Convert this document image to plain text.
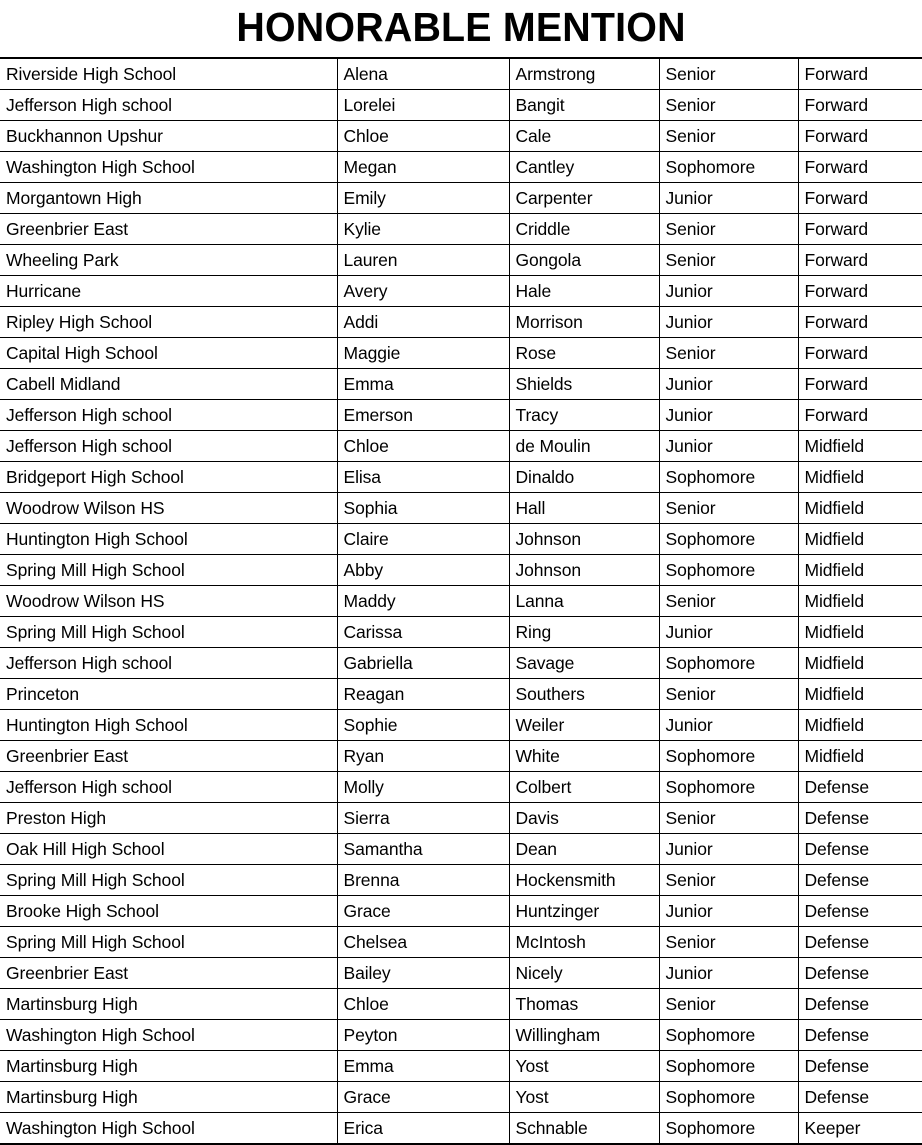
HONORABLE MENTION
Riverside High School	Alena	Armstrong	Senior	Forward
Jefferson High school	Lorelei	Bangit	Senior	Forward
Buckhannon Upshur	Chloe	Cale	Senior	Forward
Washington High School	Megan	Cantley	Sophomore	Forward
Morgantown High	Emily	Carpenter	Junior	Forward
Greenbrier East	Kylie	Criddle	Senior	Forward
Wheeling Park	Lauren	Gongola	Senior	Forward
Hurricane	Avery	Hale	Junior	Forward
Ripley High School	Addi	Morrison	Junior	Forward
Capital High School	Maggie	Rose	Senior	Forward
Cabell Midland	Emma	Shields	Junior	Forward
Jefferson High school	Emerson	Tracy	Junior	Forward
Jefferson High school	Chloe	de Moulin	Junior	Midfield
Bridgeport High School	Elisa	Dinaldo	Sophomore	Midfield
Woodrow Wilson HS	Sophia	Hall	Senior	Midfield
Huntington High School	Claire	Johnson	Sophomore	Midfield
Spring Mill High School	Abby	Johnson	Sophomore	Midfield
Woodrow Wilson HS	Maddy	Lanna	Senior	Midfield
Spring Mill High School	Carissa	Ring	Junior	Midfield
Jefferson High school	Gabriella	Savage	Sophomore	Midfield
Princeton	Reagan	Southers	Senior	Midfield
Huntington High School	Sophie	Weiler	Junior	Midfield
Greenbrier East	Ryan	White	Sophomore	Midfield
Jefferson High school	Molly	Colbert	Sophomore	Defense
Preston High	Sierra	Davis	Senior	Defense
Oak Hill High School	Samantha	Dean	Junior	Defense
Spring Mill High School	Brenna	Hockensmith	Senior	Defense
Brooke High School	Grace	Huntzinger	Junior	Defense
Spring Mill High School	Chelsea	McIntosh	Senior	Defense
Greenbrier East	Bailey	Nicely	Junior	Defense
Martinsburg High	Chloe	Thomas	Senior	Defense
Washington High School	Peyton	Willingham	Sophomore	Defense
Martinsburg High	Emma	Yost	Sophomore	Defense
Martinsburg High	Grace	Yost	Sophomore	Defense
Washington High School	Erica	Schnable	Sophomore	Keeper
